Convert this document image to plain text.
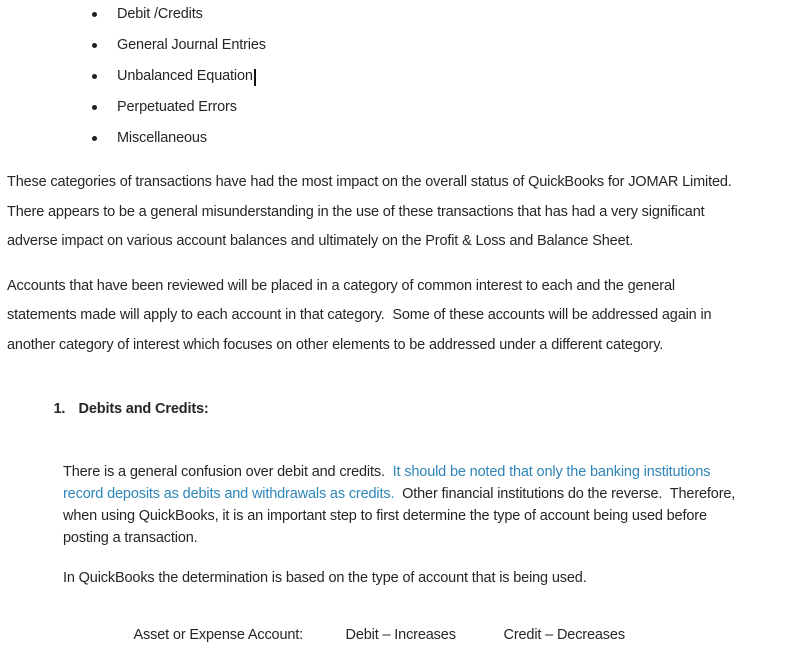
Debit /Credits
General Journal Entries
Unbalanced Equation
Perpetuated Errors
Miscellaneous
These categories of transactions have had the most impact on the overall status of QuickBooks for JOMAR Limited.
There appears to be a general misunderstanding in the use of these transactions that has had a very significant
adverse impact on various account balances and ultimately on the Profit & Loss and Balance Sheet.
Accounts that have been reviewed will be placed in a category of common interest to each and the general
statements made will apply to each account in that category.  Some of these accounts will be addressed again in
another category of interest which focuses on other elements to be addressed under a different category.

1. Debits and Credits:

There is a general confusion over debit and credits.  It should be noted that only the banking institutions
record deposits as debits and withdrawals as credits.  Other financial institutions do the reverse.  Therefore,
when using QuickBooks, it is an important step to first determine the type of account being used before
posting a transaction.
In QuickBooks the determination is based on the type of account that is being used.

Asset or Expense Account:	Debit – Increases	Credit – Decreases
